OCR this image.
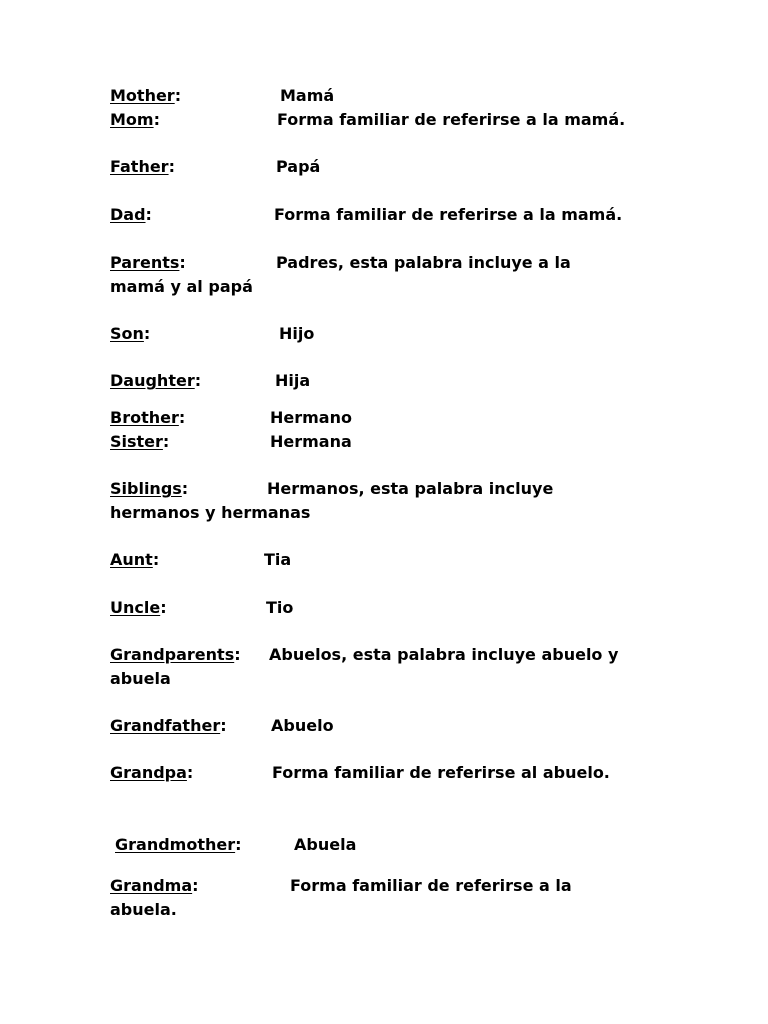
Mother:	Mamá
Mom:	Forma familiar de referirse a la mamá.
Father:	Papá
Dad:	Forma familiar de referirse a la mamá.
Parents:	Padres, esta palabra incluye a la
mamá y al papá
Son:	Hijo
Daughter:	Hija
Brother:	Hermano
Sister:	Hermana
Siblings:	Hermanos, esta palabra incluye
hermanos y hermanas
Aunt:	Tia
Uncle:	Tio
Grandparents: Abuelos, esta palabra incluye abuelo y
abuela
Grandfather:	Abuelo
Grandpa:	Forma familiar de referirse al abuelo.
Grandmother:	Abuela
Grandma:	Forma familiar de referirse a la
abuela.
